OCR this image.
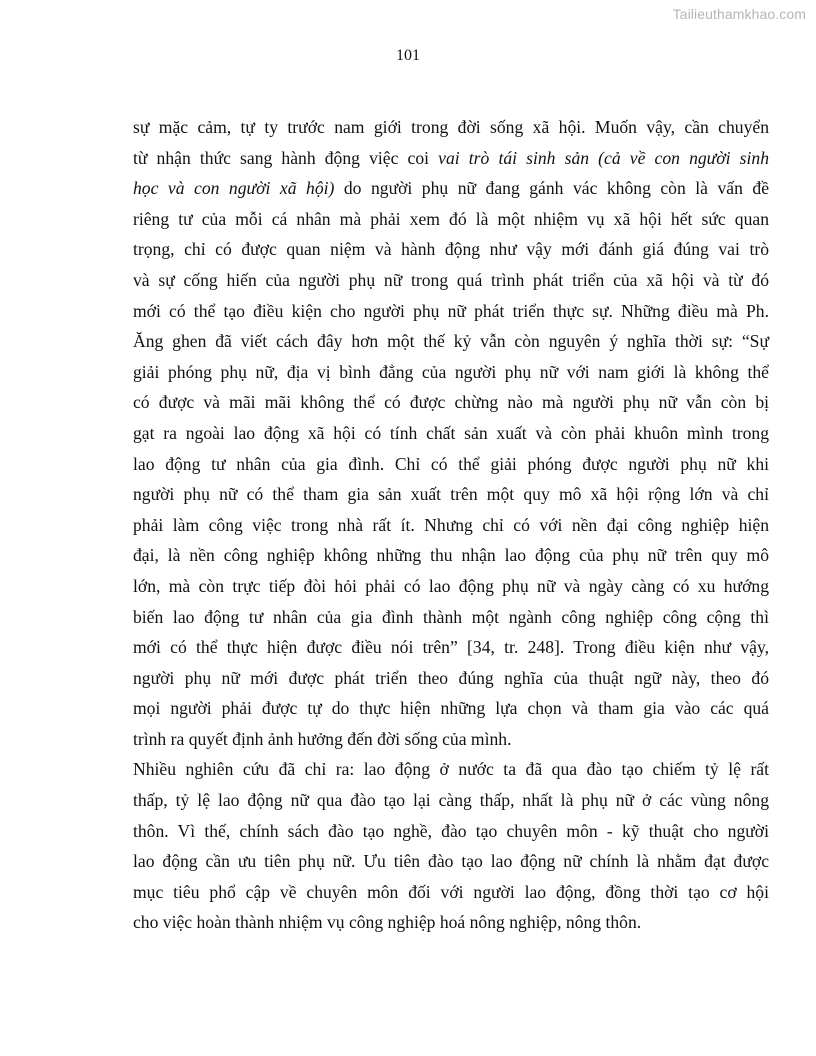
Tailieuthamkhao.com
101
sự mặc cảm, tự ty trước nam giới trong đời sống xã hội. Muốn vậy, cần chuyển
từ nhận thức sang hành động việc coi vai trò tái sinh sản (cả về con người sinh
học và con người xã hội) do người phụ nữ đang gánh vác không còn là vấn đề
riêng tư của mỗi cá nhân mà phải xem đó là một nhiệm vụ xã hội hết sức quan
trọng, chỉ có được quan niệm và hành động như vậy mới đánh giá đúng vai trò
và sự cống hiến của người phụ nữ trong quá trình phát triển của xã hội và từ đó
mới có thể tạo điều kiện cho người phụ nữ phát triển thực sự. Những điều mà Ph.
Ăng ghen đã viết cách đây hơn một thế kỷ vẫn còn nguyên ý nghĩa thời sự: “Sự
giải phóng phụ nữ, địa vị bình đẳng của người phụ nữ với nam giới là không thể
có được và mãi mãi không thể có được chừng nào mà người phụ nữ vẫn còn bị
gạt ra ngoài lao động xã hội có tính chất sản xuất và còn phải khuôn mình trong
lao động tư nhân của gia đình. Chỉ có thể giải phóng được người phụ nữ khi
người phụ nữ có thể tham gia sản xuất trên một quy mô xã hội rộng lớn và chỉ
phải làm công việc trong nhà rất ít. Nhưng chỉ có với nền đại công nghiệp hiện
đại, là nền công nghiệp không những thu nhận lao động của phụ nữ trên quy mô
lớn, mà còn trực tiếp đòi hỏi phải có lao động phụ nữ và ngày càng có xu hướng
biến lao động tư nhân của gia đình thành một ngành công nghiệp công cộng thì
mới có thể thực hiện được điều nói trên” [34, tr. 248]. Trong điều kiện như vậy,
người phụ nữ mới được phát triển theo đúng nghĩa của thuật ngữ này, theo đó
mọi người phải được tự do thực hiện những lựa chọn và tham gia vào các quá
trình ra quyết định ảnh hưởng đến đời sống của mình.
Nhiều nghiên cứu đã chỉ ra: lao động ở nước ta đã qua đào tạo chiếm tỷ lệ rất
thấp, tỷ lệ lao động nữ qua đào tạo lại càng thấp, nhất là phụ nữ ở các vùng nông
thôn. Vì thế, chính sách đào tạo nghề, đào tạo chuyên môn - kỹ thuật cho người
lao động cần ưu tiên phụ nữ. Ưu tiên đào tạo lao động nữ chính là nhằm đạt được
mục tiêu phổ cập về chuyên môn đối với người lao động, đồng thời tạo cơ hội
cho việc hoàn thành nhiệm vụ công nghiệp hoá nông nghiệp, nông thôn.
